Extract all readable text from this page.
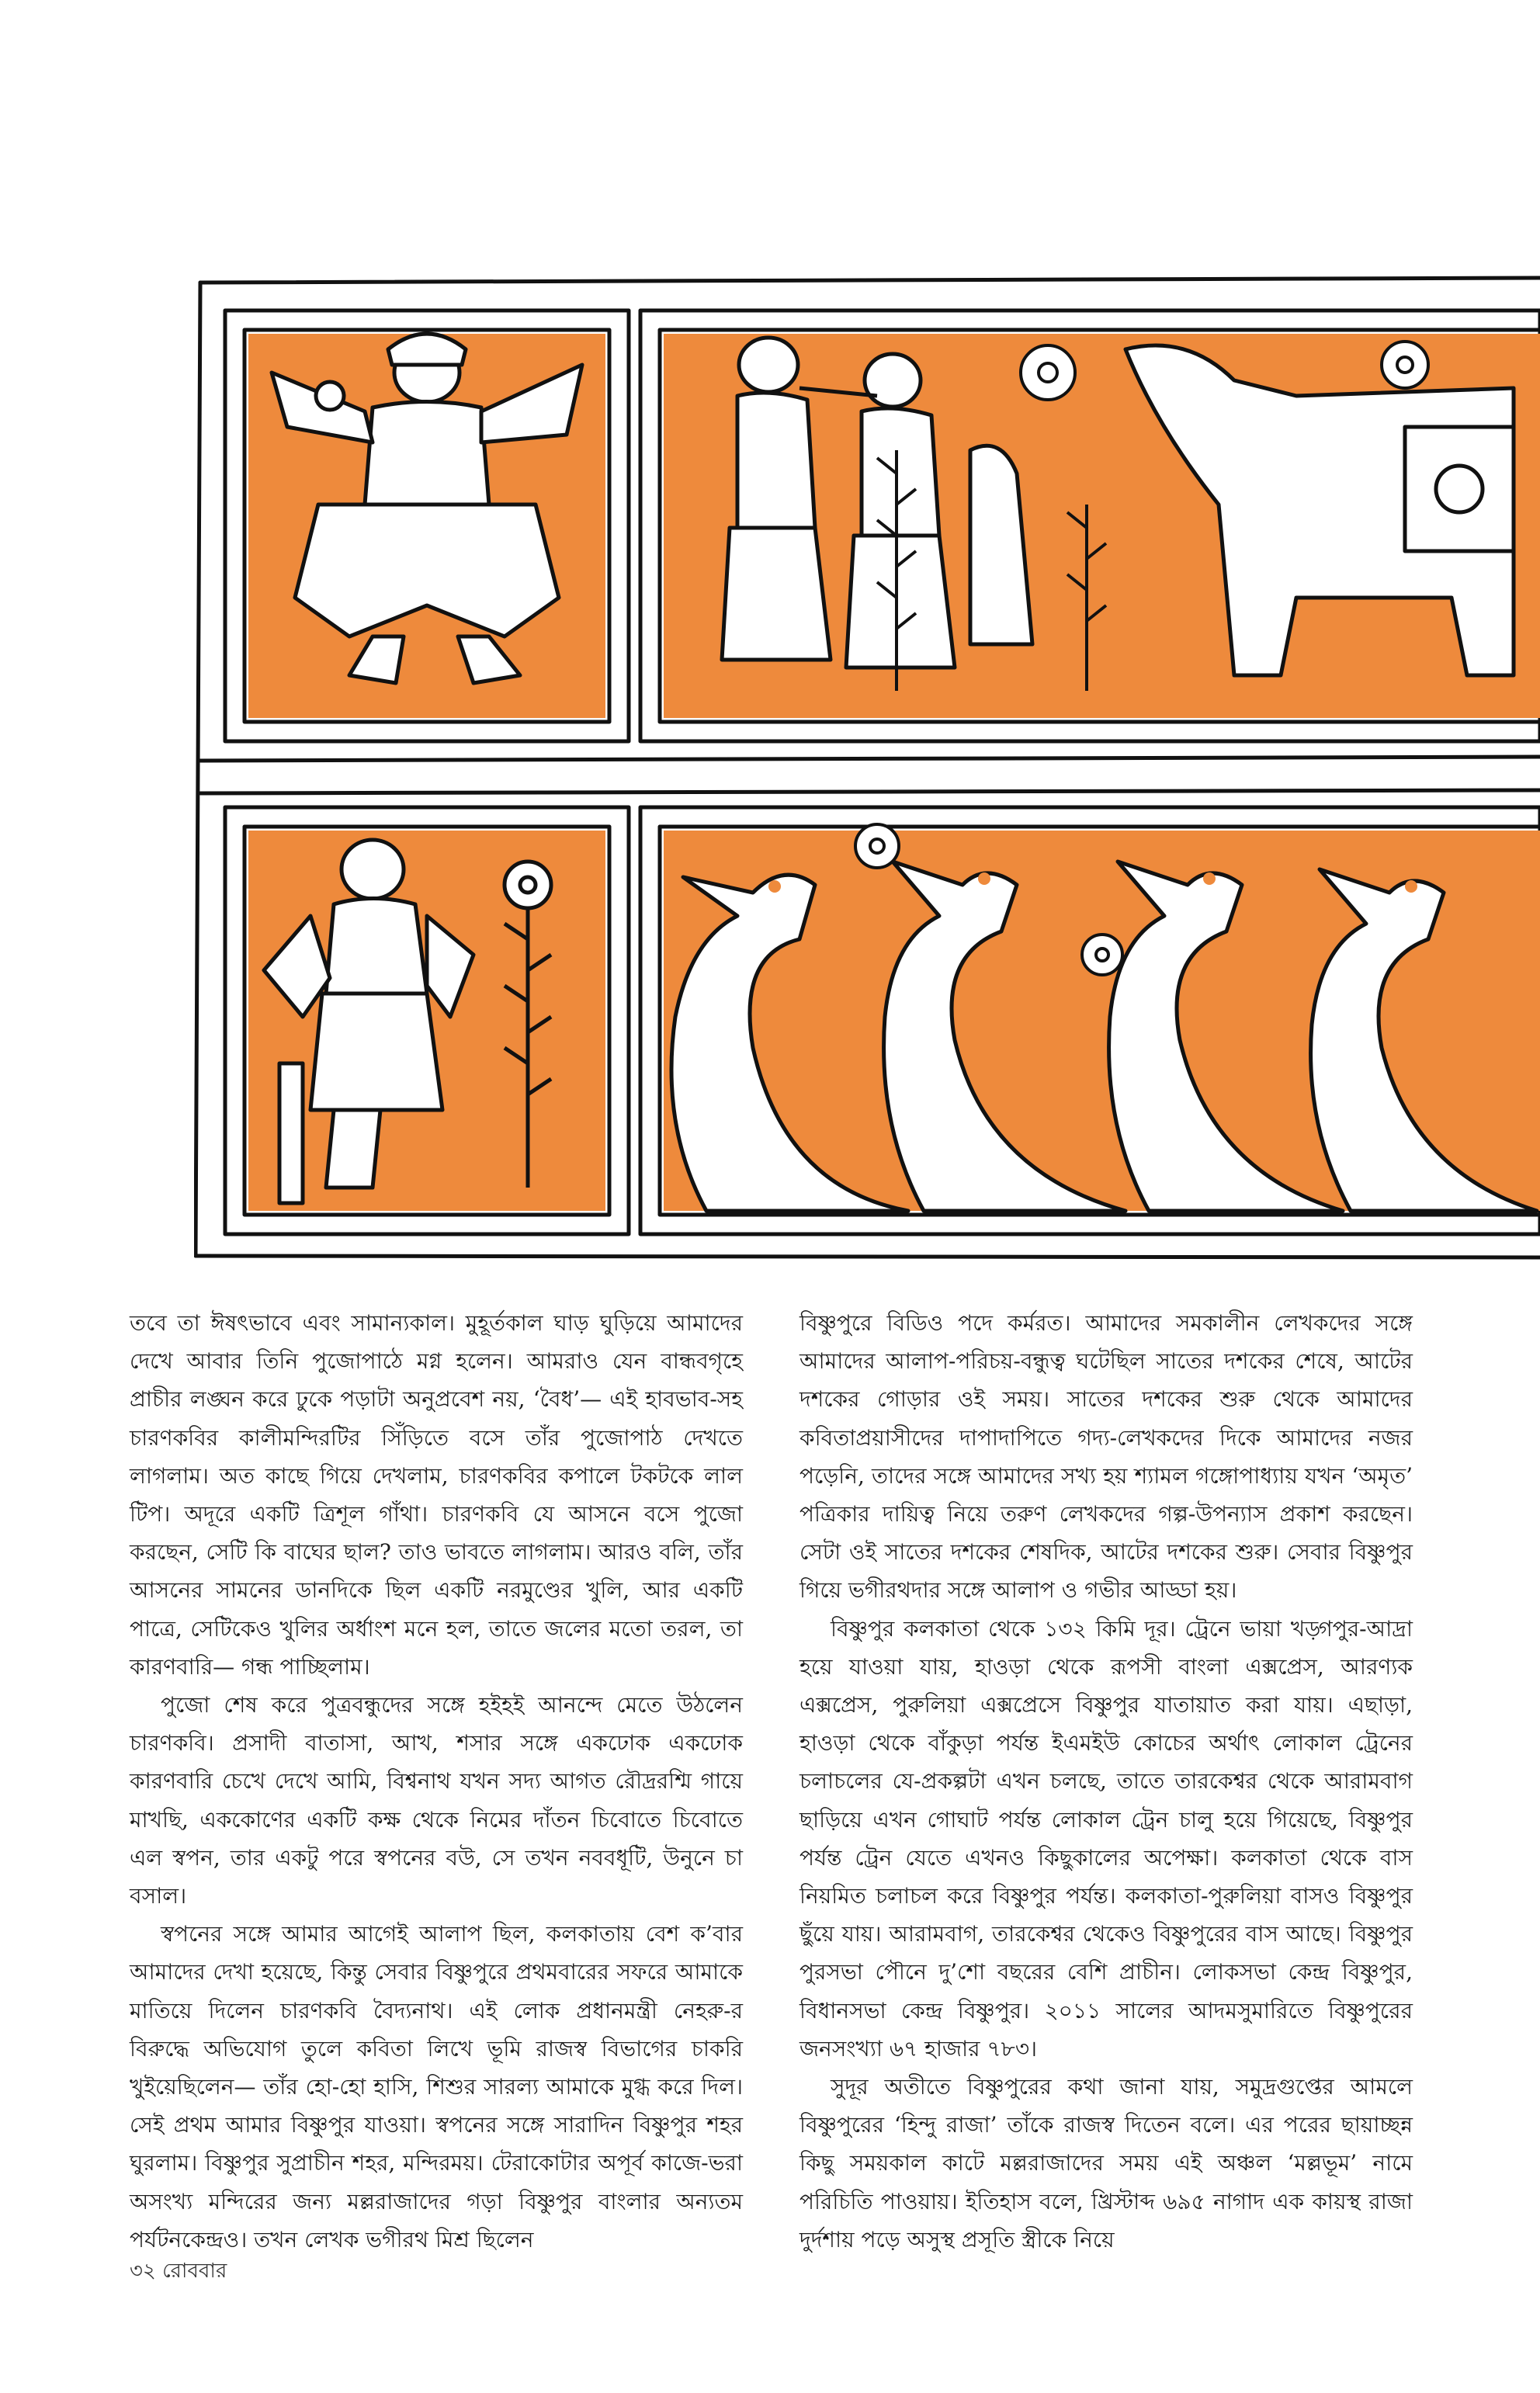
তবে তা ঈষৎভাবে এবং সামান্যকাল। মুহূর্তকাল ঘাড় ঘুড়িয়ে আমাদের দেখে আবার তিনি পুজোপাঠে মগ্ন হলেন। আমরাও যেন বান্ধবগৃহে প্রাচীর লঙ্ঘন করে ঢুকে পড়াটা অনুপ্রবেশ নয়, ‘বৈধ’— এই হাবভাব-সহ চারণকবির কালীমন্দিরটির সিঁড়িতে বসে তাঁর পুজোপাঠ দেখতে লাগলাম। অত কাছে গিয়ে দেখলাম, চারণকবির কপালে টকটকে লাল টিপ। অদূরে একটি ত্রিশূল গাঁথা। চারণকবি যে আসনে বসে পুজো করছেন, সেটি কি বাঘের ছাল? তাও ভাবতে লাগলাম। আরও বলি, তাঁর আসনের সামনের ডানদিকে ছিল একটি নরমুণ্ডের খুলি, আর একটি পাত্রে, সেটিকেও খুলির অর্ধাংশ মনে হল, তাতে জলের মতো তরল, তা কারণবারি— গন্ধ পাচ্ছিলাম।

পুজো শেষ করে পুত্রবন্ধুদের সঙ্গে হইহই আনন্দে মেতে উঠলেন চারণকবি। প্রসাদী বাতাসা, আখ, শসার সঙ্গে একঢোক একঢোক কারণবারি চেখে দেখে আমি, বিশ্বনাথ যখন সদ্য আগত রৌদ্ররশ্মি গায়ে মাখছি, এককোণের একটি কক্ষ থেকে নিমের দাঁতন চিবোতে চিবোতে এল স্বপন, তার একটু পরে স্বপনের বউ, সে তখন নববধূটি, উনুনে চা বসাল।

স্বপনের সঙ্গে আমার আগেই আলাপ ছিল, কলকাতায় বেশ ক’বার আমাদের দেখা হয়েছে, কিন্তু সেবার বিষ্ণুপুরে প্রথমবারের সফরে আমাকে মাতিয়ে দিলেন চারণকবি বৈদ্যনাথ। এই লোক প্রধানমন্ত্রী নেহরু-র বিরুদ্ধে অভিযোগ তুলে কবিতা লিখে ভূমি রাজস্ব বিভাগের চাকরি খুইয়েছিলেন— তাঁর হো-হো হাসি, শিশুর সারল্য আমাকে মুগ্ধ করে দিল। সেই প্রথম আমার বিষ্ণুপুর যাওয়া। স্বপনের সঙ্গে সারাদিন বিষ্ণুপুর শহর ঘুরলাম। বিষ্ণুপুর সুপ্রাচীন শহর, মন্দিরময়। টেরাকোটার অপূর্ব কাজে-ভরা অসংখ্য মন্দিরের জন্য মল্লরাজাদের গড়া বিষ্ণুপুর বাংলার অন্যতম পর্যটনকেন্দ্রও। তখন লেখক ভগীরথ মিশ্র ছিলেন

বিষ্ণুপুরে বিডিও পদে কর্মরত। আমাদের সমকালীন লেখকদের সঙ্গে আমাদের আলাপ-পরিচয়-বন্ধুত্ব ঘটেছিল সাতের দশকের শেষে, আটের দশকের গোড়ার ওই সময়। সাতের দশকের শুরু থেকে আমাদের কবিতাপ্রয়াসীদের দাপাদাপিতে গদ্য-লেখকদের দিকে আমাদের নজর পড়েনি, তাদের সঙ্গে আমাদের সখ্য হয় শ্যামল গঙ্গোপাধ্যায় যখন ‘অমৃত’ পত্রিকার দায়িত্ব নিয়ে তরুণ লেখকদের গল্প-উপন্যাস প্রকাশ করছেন। সেটা ওই সাতের দশকের শেষদিক, আটের দশকের শুরু। সেবার বিষ্ণুপুর গিয়ে ভগীরথদার সঙ্গে আলাপ ও গভীর আড্ডা হয়।

বিষ্ণুপুর কলকাতা থেকে ১৩২ কিমি দূর। ট্রেনে ভায়া খড়্গপুর-আদ্রা হয়ে যাওয়া যায়, হাওড়া থেকে রূপসী বাংলা এক্সপ্রেস, আরণ্যক এক্সপ্রেস, পুরুলিয়া এক্সপ্রেসে বিষ্ণুপুর যাতায়াত করা যায়। এছাড়া, হাওড়া থেকে বাঁকুড়া পর্যন্ত ইএমইউ কোচের অর্থাৎ লোকাল ট্রেনের চলাচলের যে-প্রকল্পটা এখন চলছে, তাতে তারকেশ্বর থেকে আরামবাগ ছাড়িয়ে এখন গোঘাট পর্যন্ত লোকাল ট্রেন চালু হয়ে গিয়েছে, বিষ্ণুপুর পর্যন্ত ট্রেন যেতে এখনও কিছুকালের অপেক্ষা। কলকাতা থেকে বাস নিয়মিত চলাচল করে বিষ্ণুপুর পর্যন্ত। কলকাতা-পুরুলিয়া বাসও বিষ্ণুপুর ছুঁয়ে যায়। আরামবাগ, তারকেশ্বর থেকেও বিষ্ণুপুরের বাস আছে। বিষ্ণুপুর পুরসভা পৌনে দু’শো বছরের বেশি প্রাচীন। লোকসভা কেন্দ্র বিষ্ণুপুর, বিধানসভা কেন্দ্র বিষ্ণুপুর। ২০১১ সালের আদমসুমারিতে বিষ্ণুপুরের জনসংখ্যা ৬৭ হাজার ৭৮৩।

সুদূর অতীতে বিষ্ণুপুরের কথা জানা যায়, সমুদ্রগুপ্তের আমলে বিষ্ণুপুরের ‘হিন্দু রাজা’ তাঁকে রাজস্ব দিতেন বলে। এর পরের ছায়াচ্ছন্ন কিছু সময়কাল কাটে মল্লরাজাদের সময় এই অঞ্চল ‘মল্লভূম’ নামে পরিচিতি পাওয়ায়। ইতিহাস বলে, খ্রিস্টাব্দ ৬৯৫ নাগাদ এক কায়স্থ রাজা দুর্দশায় পড়ে অসুস্থ প্রসূতি স্ত্রীকে নিয়ে

৩২ রোববার
